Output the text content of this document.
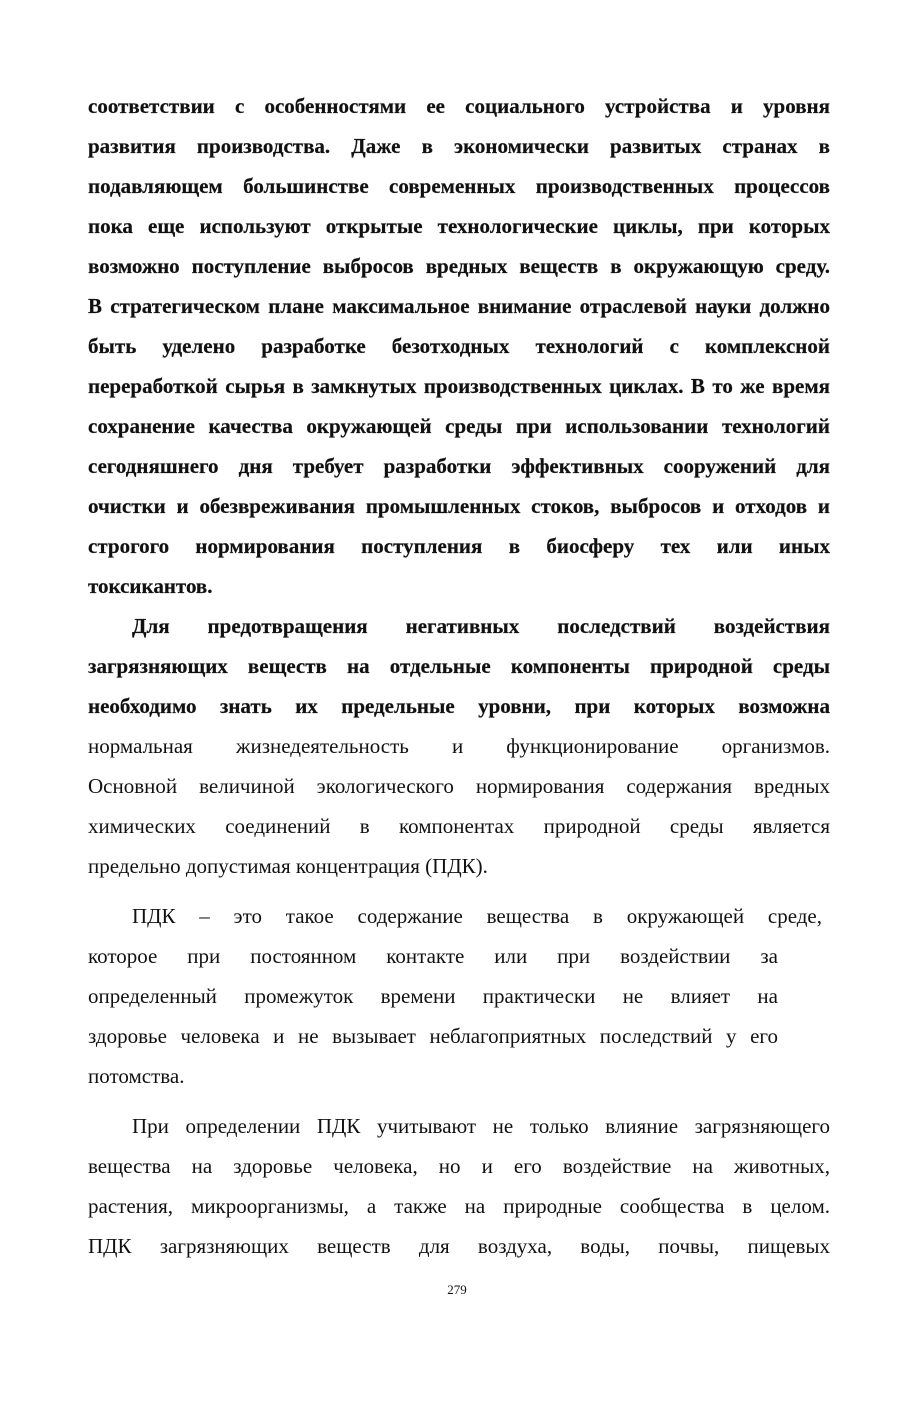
соответствии с особенностями ее социального устройства и уровня
развития производства. Даже в экономически развитых странах в
подавляющем большинстве современных производственных процессов
пока еще используют открытые технологические циклы, при которых
возможно поступление выбросов вредных веществ в окружающую среду.
В стратегическом плане максимальное внимание отраслевой науки должно
быть уделено разработке безотходных технологий с комплексной
переработкой сырья в замкнутых производственных циклах. В то же время
сохранение качества окружающей среды при использовании технологий
сегодняшнего дня требует разработки эффективных сооружений для
очистки и обезвреживания промышленных стоков, выбросов и отходов и
строгого нормирования поступления в биосферу тех или иных
токсикантов.
Для предотвращения негативных последствий воздействия
загрязняющих веществ на отдельные компоненты природной среды
необходимо знать их предельные уровни, при которых возможна
нормальная жизнедеятельность и функционирование организмов.
Основной величиной экологического нормирования содержания вредных
химических соединений в компонентах природной среды является
предельно допустимая концентрация (ПДК).
ПДК – это такое содержание вещества в окружающей среде,
которое при постоянном контакте или при воздействии за
определенный промежуток времени практически не влияет на
здоровье человека и не вызывает неблагоприятных последствий у его
потомства.
При определении ПДК учитывают не только влияние загрязняющего
вещества на здоровье человека, но и его воздействие на животных,
растения, микроорганизмы, а также на природные сообщества в целом.
ПДК загрязняющих веществ для воздуха, воды, почвы, пищевых
279
